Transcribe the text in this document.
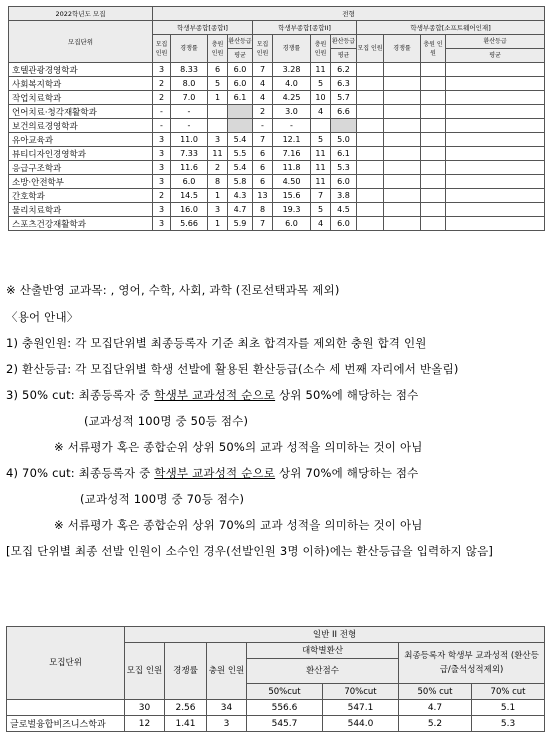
2022학년도 모집	전형											
모집단위	학생부종합[종합I]				학생부종합[종합II]				학생부종합[소프트웨어인재]			
	모집 인원	경쟁률	충원 인원	환산등급	모집 인원	경쟁률	충원 인원	환산등급	모집 인원	경쟁률	충원 인원	환산등급
				평균				평균				평균
호텔관광경영학과	3	8.33	6	6.0	7	3.28	11	6.2				
사회복지학과	2	8.0	5	6.0	4	4.0	5	6.3				
작업치료학과	2	7.0	1	6.1	4	4.25	10	5.7				
언어치료·청각재활학과	-	-			2	3.0	4	6.6				
보건의료경영학과	-	-			-	-						
유아교육과	3	11.0	3	5.4	7	12.1	5	5.0				
뷰티디자인경영학과	3	7.33	11	5.5	6	7.16	11	6.1				
응급구조학과	3	11.6	2	5.4	6	11.8	11	5.3				
소방·안전학부	3	6.0	8	5.8	6	4.50	11	6.0				
간호학과	2	14.5	1	4.3	13	15.6	7	3.8				
물리치료학과	3	16.0	3	4.7	8	19.3	5	4.5				
스포츠건강재활학과	3	5.66	1	5.9	7	6.0	4	6.0				
※ 산출반영 교과목: , 영어, 수학, 사회, 과학 (진로선택과목 제외)
〈용어 안내〉
1) 충원인원: 각 모집단위별 최종등록자 기준 최초 합격자를 제외한 충원 합격 인원
2) 환산등급: 각 모집단위별 학생 선발에 활용된 환산등급(소수 세 번째 자리에서 반올림)
3) 50% cut: 최종등록자 중 학생부 교과성적 순으로 상위 50%에 해당하는 점수
(교과성적 100명 중 50등 점수)
※ 서류평가 혹은 종합순위 상위 50%의 교과 성적을 의미하는 것이 아님
4) 70% cut: 최종등록자 중 학생부 교과성적 순으로 상위 70%에 해당하는 점수
(교과성적 100명 중 70등 점수)
※ 서류평가 혹은 종합순위 상위 70%의 교과 성적을 의미하는 것이 아님
[모집 단위별 최종 선발 인원이 소수인 경우(선발인원 3명 이하)에는 환산등급을 입력하지 않음]
모집단위	일반 II 전형						
	모집 인원	경쟁률	충원 인원	대학별환산		최종등록자 학생부 교과성적 (환산등급/출석성적제외)	
				환산점수			
				50%cut	70%cut	50% cut	70% cut
	30	2.56	34	556.6	547.1	4.7	5.1
글로벌융합비즈니스학과	12	1.41	3	545.7	544.0	5.2	5.3
